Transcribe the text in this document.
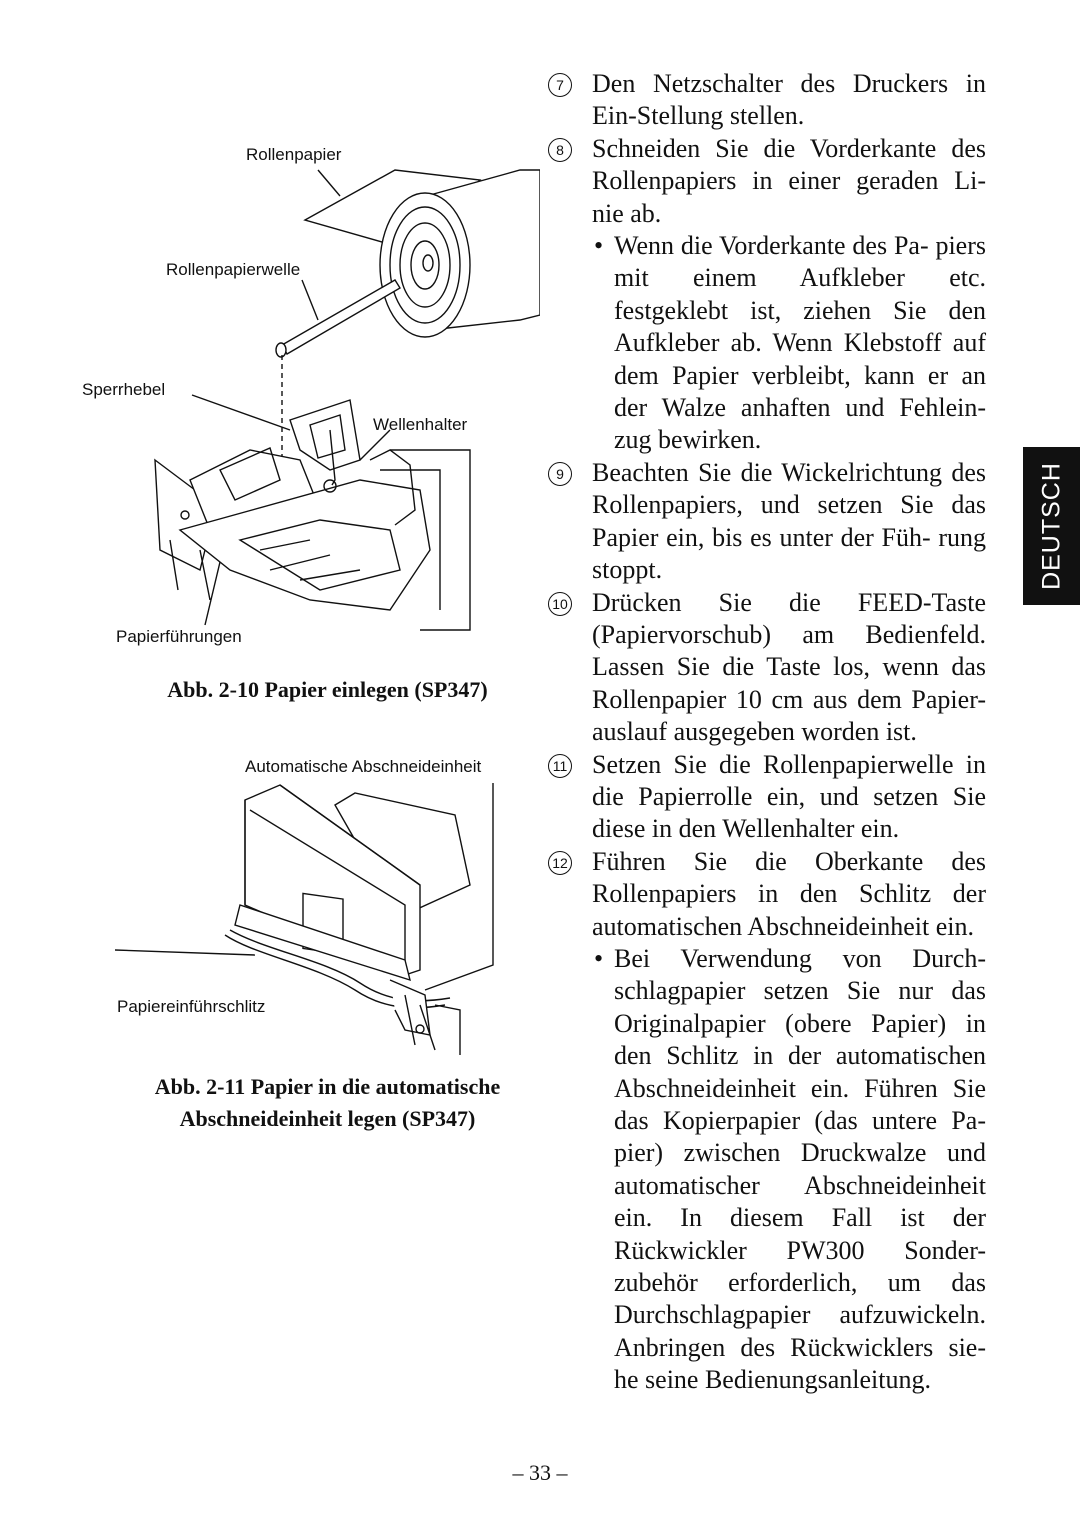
Rollenpapier
Rollenpapierwelle
Sperrhebel
Wellenhalter
Papierführungen
Abb. 2-10 Papier einlegen (SP347)
Automatische Abschneideinheit
Papiereinführschlitz
Abb. 2-11 Papier in die automatische
Abschneideinheit legen (SP347)
7	Den Netzschalter des Druckers in Ein-Stellung stellen.
8	Schneiden Sie die Vorderkante des Rollenpapiers in einer geraden Li- nie ab.
• Wenn die Vorderkante des Pa- piers mit einem Aufkleber etc. festgeklebt ist, ziehen Sie den Aufkleber ab. Wenn Klebstoff auf dem Papier verbleibt, kann er an der Walze anhaften und Fehlein- zug bewirken.
9	Beachten Sie die Wickelrichtung des Rollenpapiers, und setzen Sie das Papier ein, bis es unter der Füh- rung stoppt.
10 Drücken Sie die FEED-Taste (Papiervorschub) am Bedienfeld. Lassen Sie die Taste los, wenn das Rollenpapier 10 cm aus dem Papier- auslauf ausgegeben worden ist.
11 Setzen Sie die Rollenpapierwelle in die Papierrolle ein, und setzen Sie diese in den Wellenhalter ein.
12 Führen Sie die Oberkante des Rollenpapiers in den Schlitz der automatischen Abschneideinheit ein.
• Bei Verwendung von Durch- schlagpapier setzen Sie nur das Originalpapier (obere Papier) in den Schlitz in der automatischen Abschneideinheit ein. Führen Sie das Kopierpapier (das untere Pa- pier) zwischen Druckwalze und automatischer Abschneideinheit ein. In diesem Fall ist der Rückwickler PW300 Sonder- zubehör erforderlich, um das Durchschlagpapier aufzuwickeln. Anbringen des Rückwicklers sie- he seine Bedienungsanleitung.
DEUTSCH
– 33 –
